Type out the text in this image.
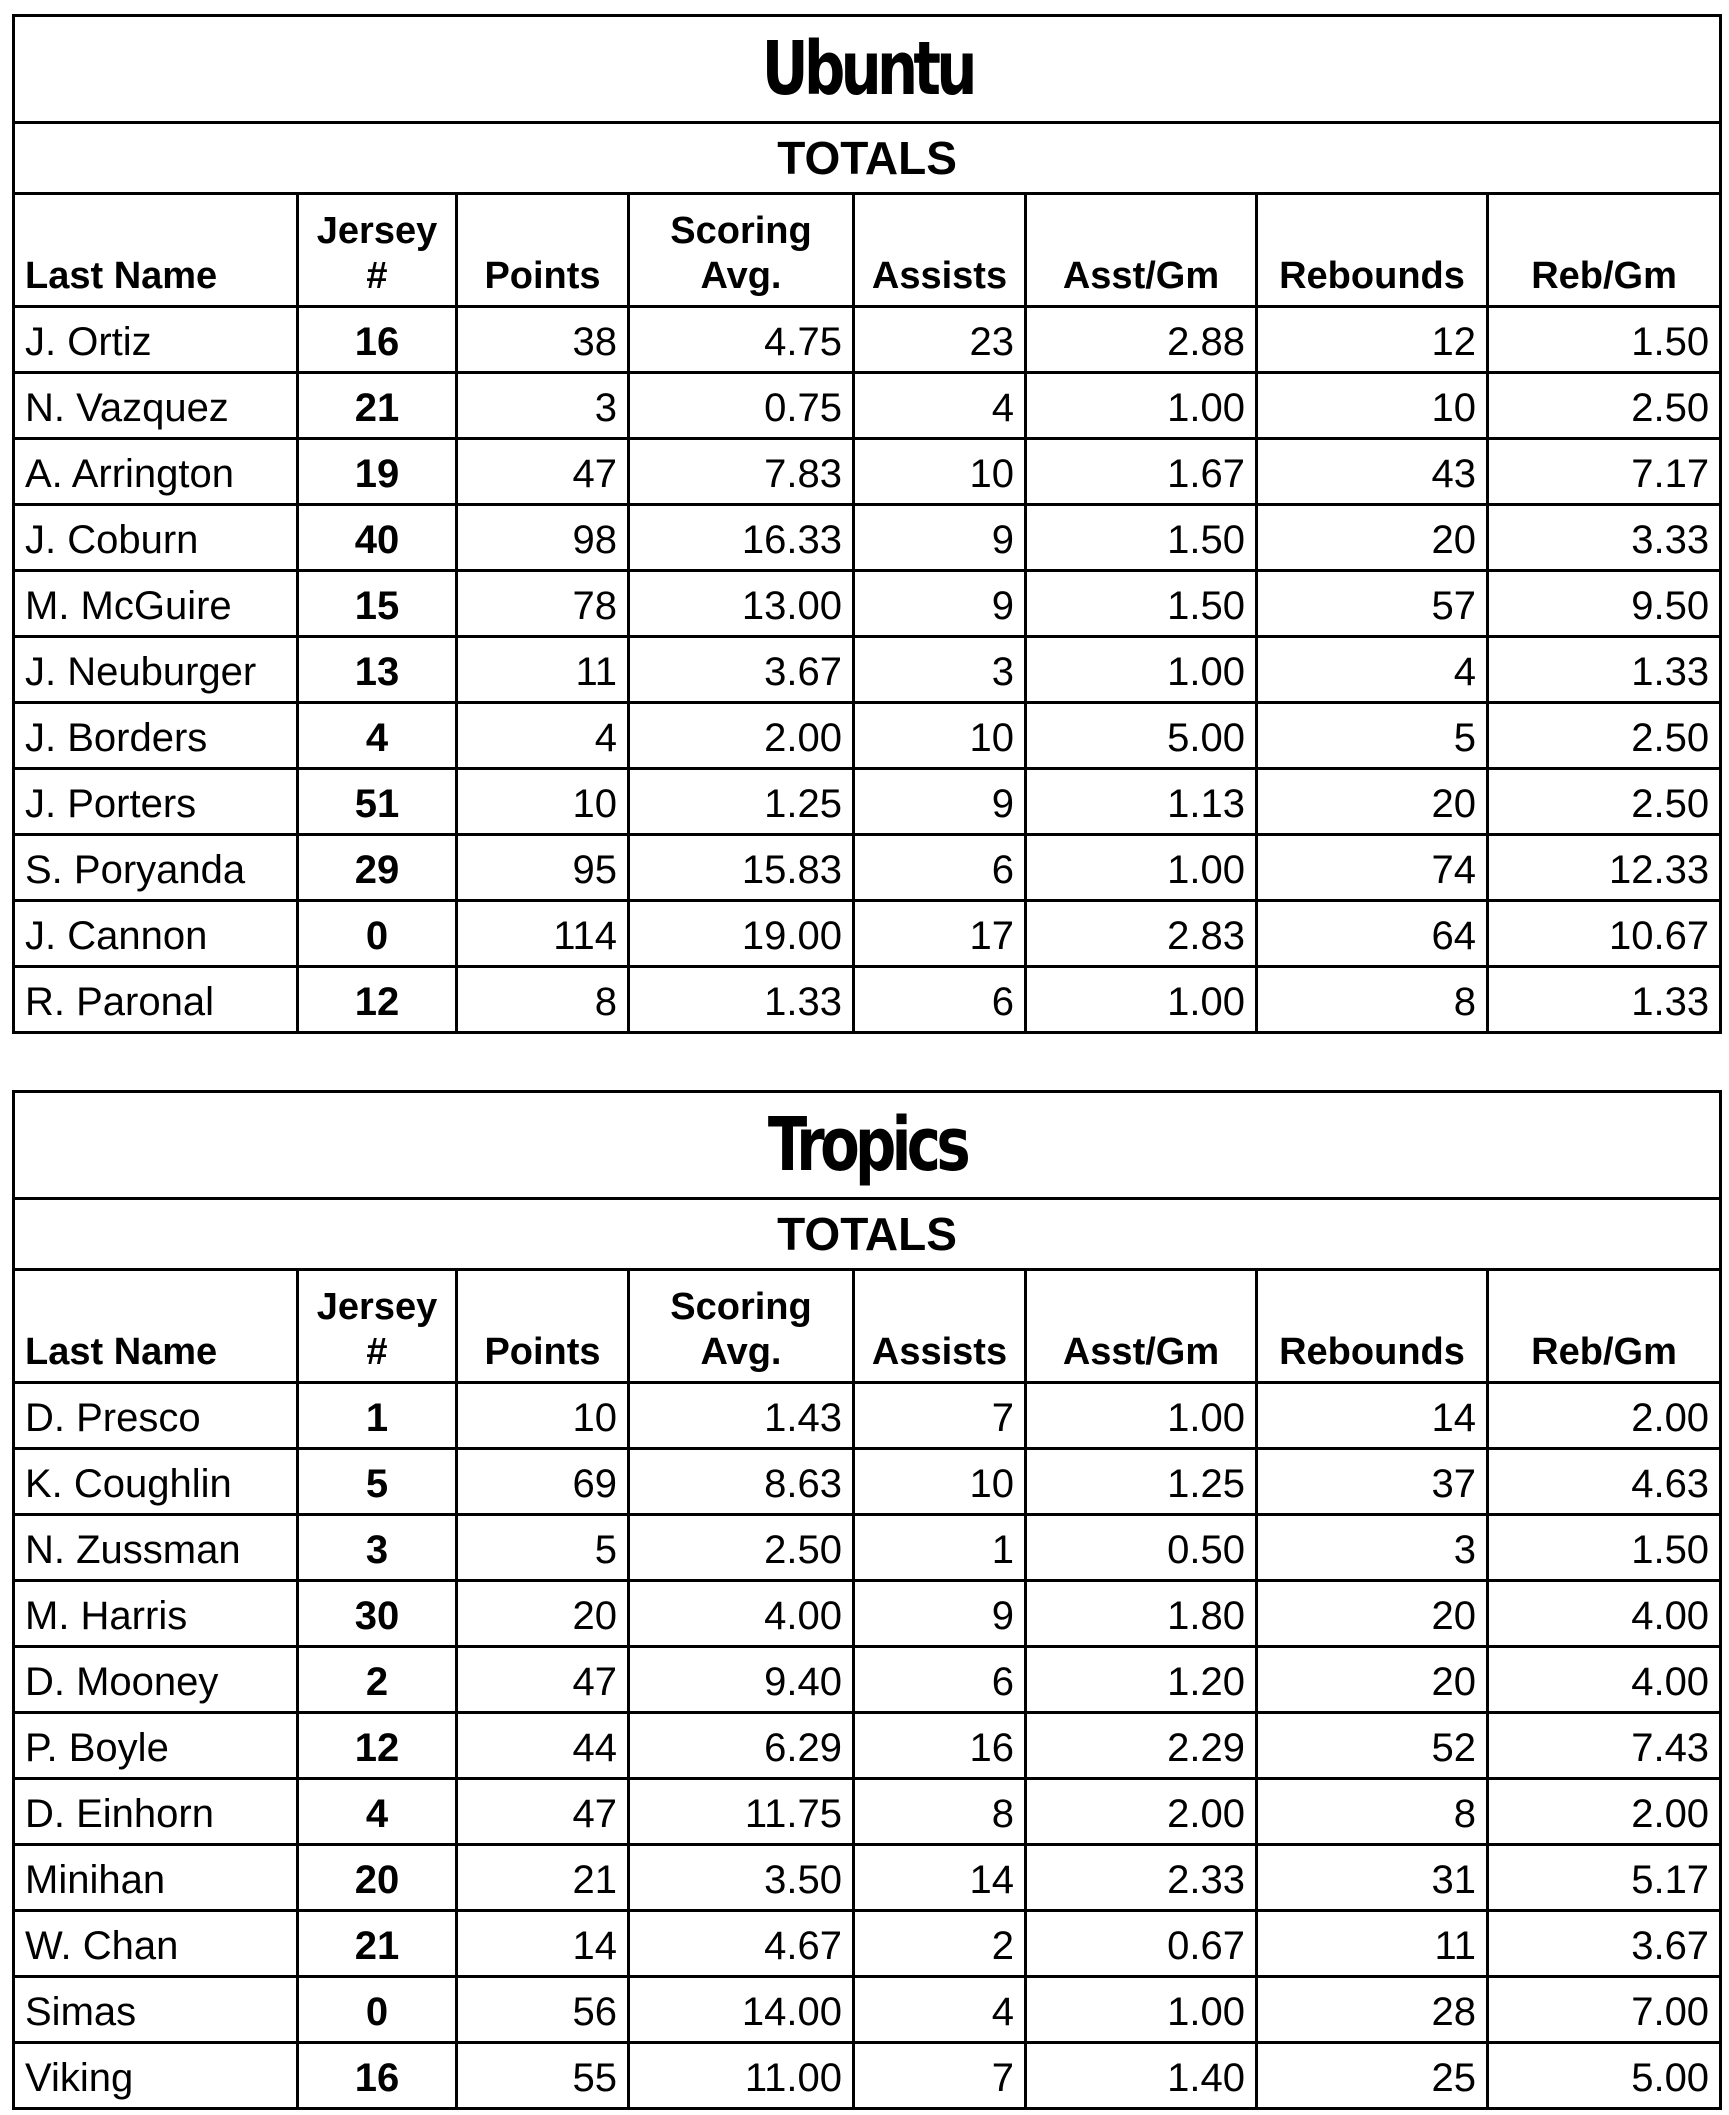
Ubuntu							
TOTALS							
Last Name	Jersey #	Points	Scoring Avg.	Assists	Asst/Gm	Rebounds	Reb/Gm
J. Ortiz	16	38	4.75	23	2.88	12	1.50
N. Vazquez	21	3	0.75	4	1.00	10	2.50
A. Arrington	19	47	7.83	10	1.67	43	7.17
J. Coburn	40	98	16.33	9	1.50	20	3.33
M. McGuire	15	78	13.00	9	1.50	57	9.50
J. Neuburger	13	11	3.67	3	1.00	4	1.33
J. Borders	4	4	2.00	10	5.00	5	2.50
J. Porters	51	10	1.25	9	1.13	20	2.50
S. Poryanda	29	95	15.83	6	1.00	74	12.33
J. Cannon	0	114	19.00	17	2.83	64	10.67
R. Paronal	12	8	1.33	6	1.00	8	1.33
Tropics							
TOTALS							
Last Name	Jersey #	Points	Scoring Avg.	Assists	Asst/Gm	Rebounds	Reb/Gm
D. Presco	1	10	1.43	7	1.00	14	2.00
K. Coughlin	5	69	8.63	10	1.25	37	4.63
N. Zussman	3	5	2.50	1	0.50	3	1.50
M. Harris	30	20	4.00	9	1.80	20	4.00
D. Mooney	2	47	9.40	6	1.20	20	4.00
P. Boyle	12	44	6.29	16	2.29	52	7.43
D. Einhorn	4	47	11.75	8	2.00	8	2.00
Minihan	20	21	3.50	14	2.33	31	5.17
W. Chan	21	14	4.67	2	0.67	11	3.67
Simas	0	56	14.00	4	1.00	28	7.00
Viking	16	55	11.00	7	1.40	25	5.00
